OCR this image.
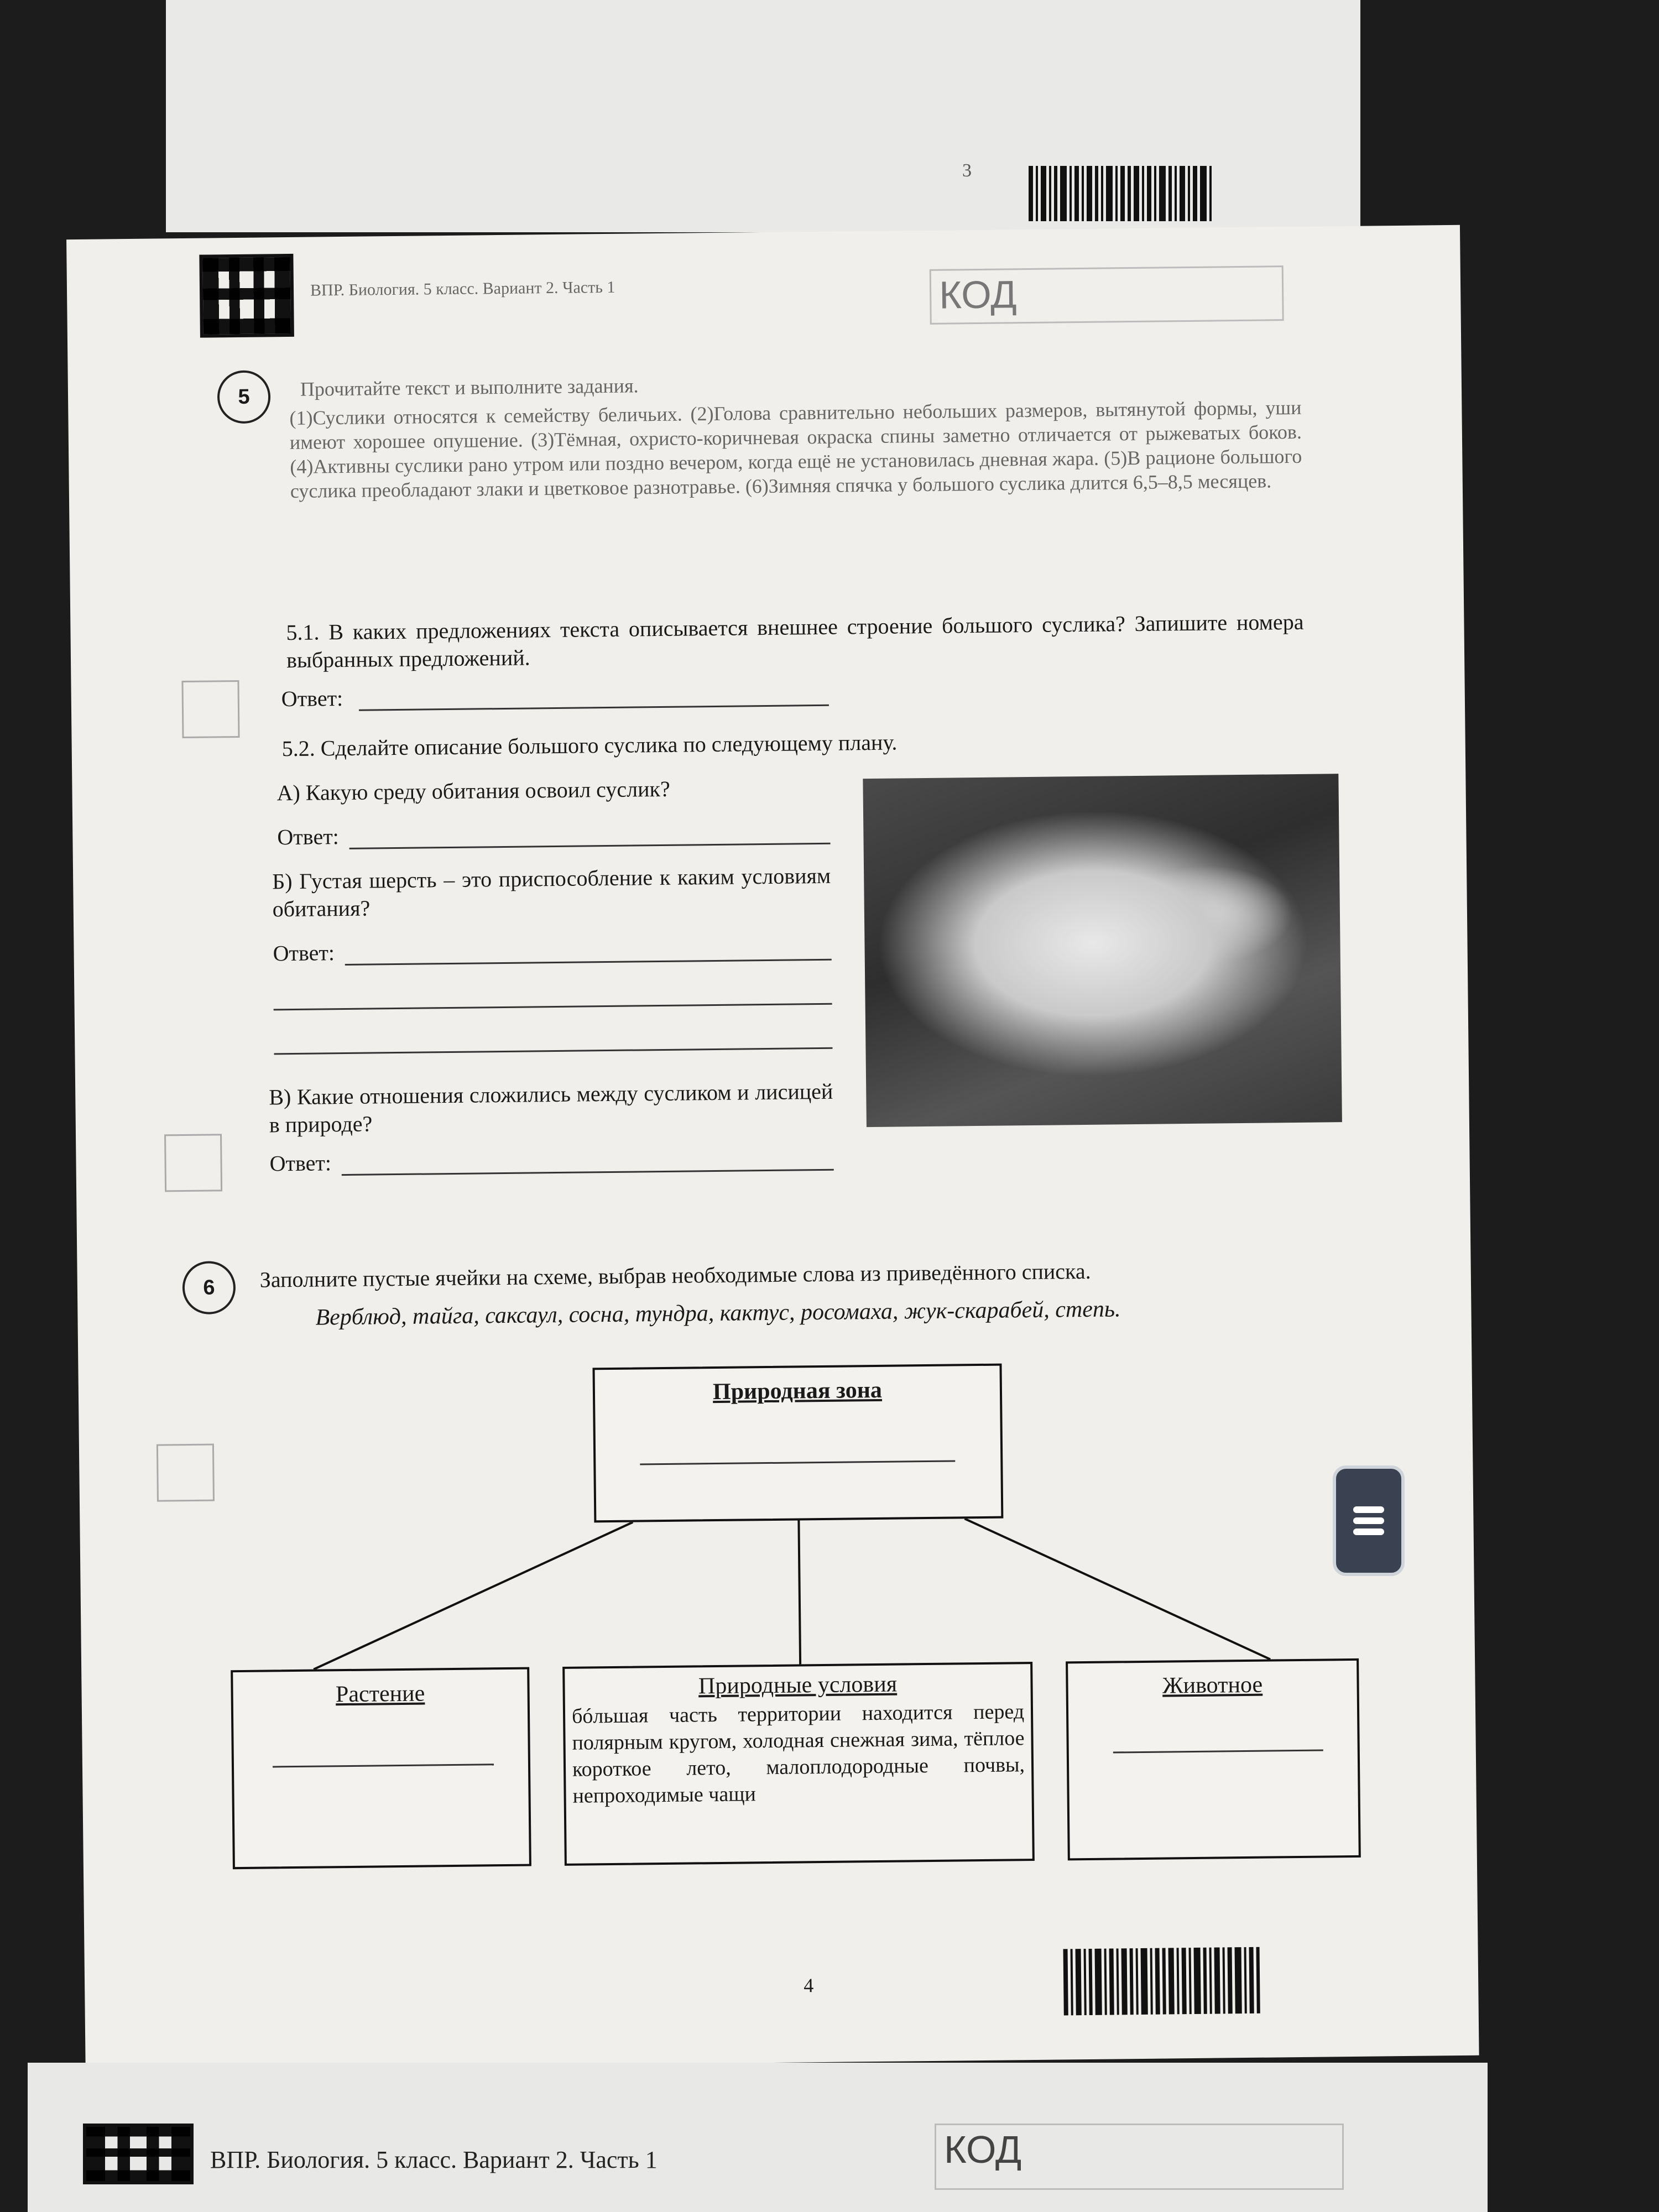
3
ВПР. Биология. 5 класс. Вариант 2. Часть 1	КОД
5	Прочитайте текст и выполните задания.
(1)Суслики относятся к семейству беличьих. (2)Голова сравнительно небольших размеров, вытянутой формы, уши имеют хорошее опушение. (3)Тёмная, охристо-коричневая окраска спины заметно отличается от рыжеватых боков. (4)Активны суслики рано утром или поздно вечером, когда ещё не установилась дневная жара. (5)В рационе большого суслика преобладают злаки и цветковое разнотравье. (6)Зимняя спячка у большого суслика длится 6,5–8,5 месяцев.
5.1. В каких предложениях текста описывается внешнее строение большого суслика? Запишите номера выбранных предложений.
Ответ:
5.2. Сделайте описание большого суслика по следующему плану.
А) Какую среду обитания освоил суслик?
Ответ:
Б) Густая шерсть – это приспособление к каким условиям обитания?
Ответ:
В) Какие отношения сложились между сусликом и лисицей в природе?
Ответ:
6	Заполните пустые ячейки на схеме, выбрав необходимые слова из приведённого списка.
Верблюд, тайга, саксаул, сосна, тундра, кактус, росомаха, жук-скарабей, степь.
Природная зона
Растение	Природные условия
бóльшая часть территории находится перед полярным кругом, холодная снежная зима, тёплое короткое лето, малоплодородные почвы, непроходимые чащи
Животное
4
ВПР. Биология. 5 класс. Вариант 2. Часть 1	КОД
